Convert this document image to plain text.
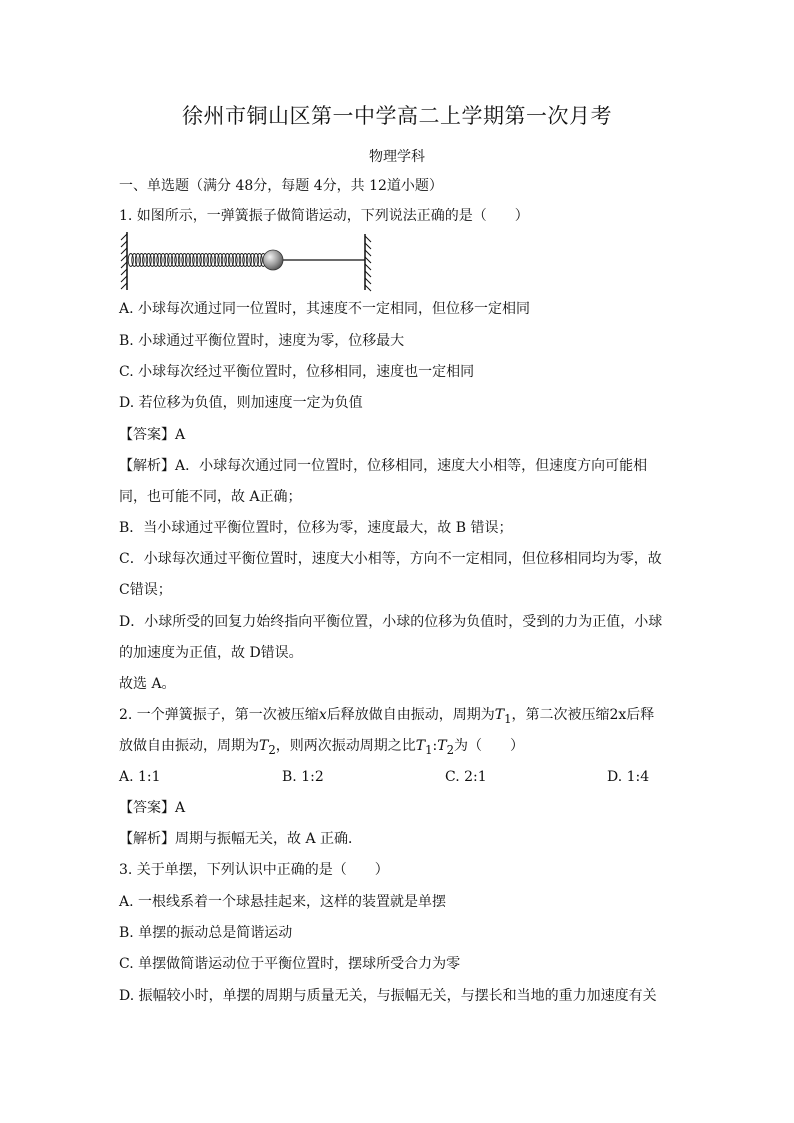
徐州市铜山区第一中学高二上学期第一次月考
物理学科
一、单选题（满分 48分，每题 4分，共 12道小题）
1. 如图所示，一弹簧振子做简谐运动，下列说法正确的是（　　）
A. 小球每次通过同一位置时，其速度不一定相同，但位移一定相同
B. 小球通过平衡位置时，速度为零，位移最大
C. 小球每次经过平衡位置时，位移相同，速度也一定相同
D. 若位移为负值，则加速度一定为负值
【答案】A
【解析】A．小球每次通过同一位置时，位移相同，速度大小相等，但速度方向可能相
同，也可能不同，故 A正确；
B．当小球通过平衡位置时，位移为零，速度最大，故 B 错误；
C．小球每次通过平衡位置时，速度大小相等，方向不一定相同，但位移相同均为零，故
C错误；
D．小球所受的回复力始终指向平衡位置，小球的位移为负值时，受到的力为正值，小球
的加速度为正值，故 D错误。
故选 A。
2. 一个弹簧振子，第一次被压缩x后释放做自由振动，周期为$T_1$，第二次被压缩2x后释
放做自由振动，周期为$T_2$，则两次振动周期之比$T_1:T_2$为（　　）
A. 1:1	B. 1:2	C. 2:1	D. 1:4
【答案】A
【解析】周期与振幅无关，故 A 正确．
3. 关于单摆，下列认识中正确的是（　　）
A. 一根线系着一个球悬挂起来，这样的装置就是单摆
B. 单摆的振动总是简谐运动
C. 单摆做简谐运动位于平衡位置时，摆球所受合力为零
D. 振幅较小时，单摆的周期与质量无关，与振幅无关，与摆长和当地的重力加速度有关
